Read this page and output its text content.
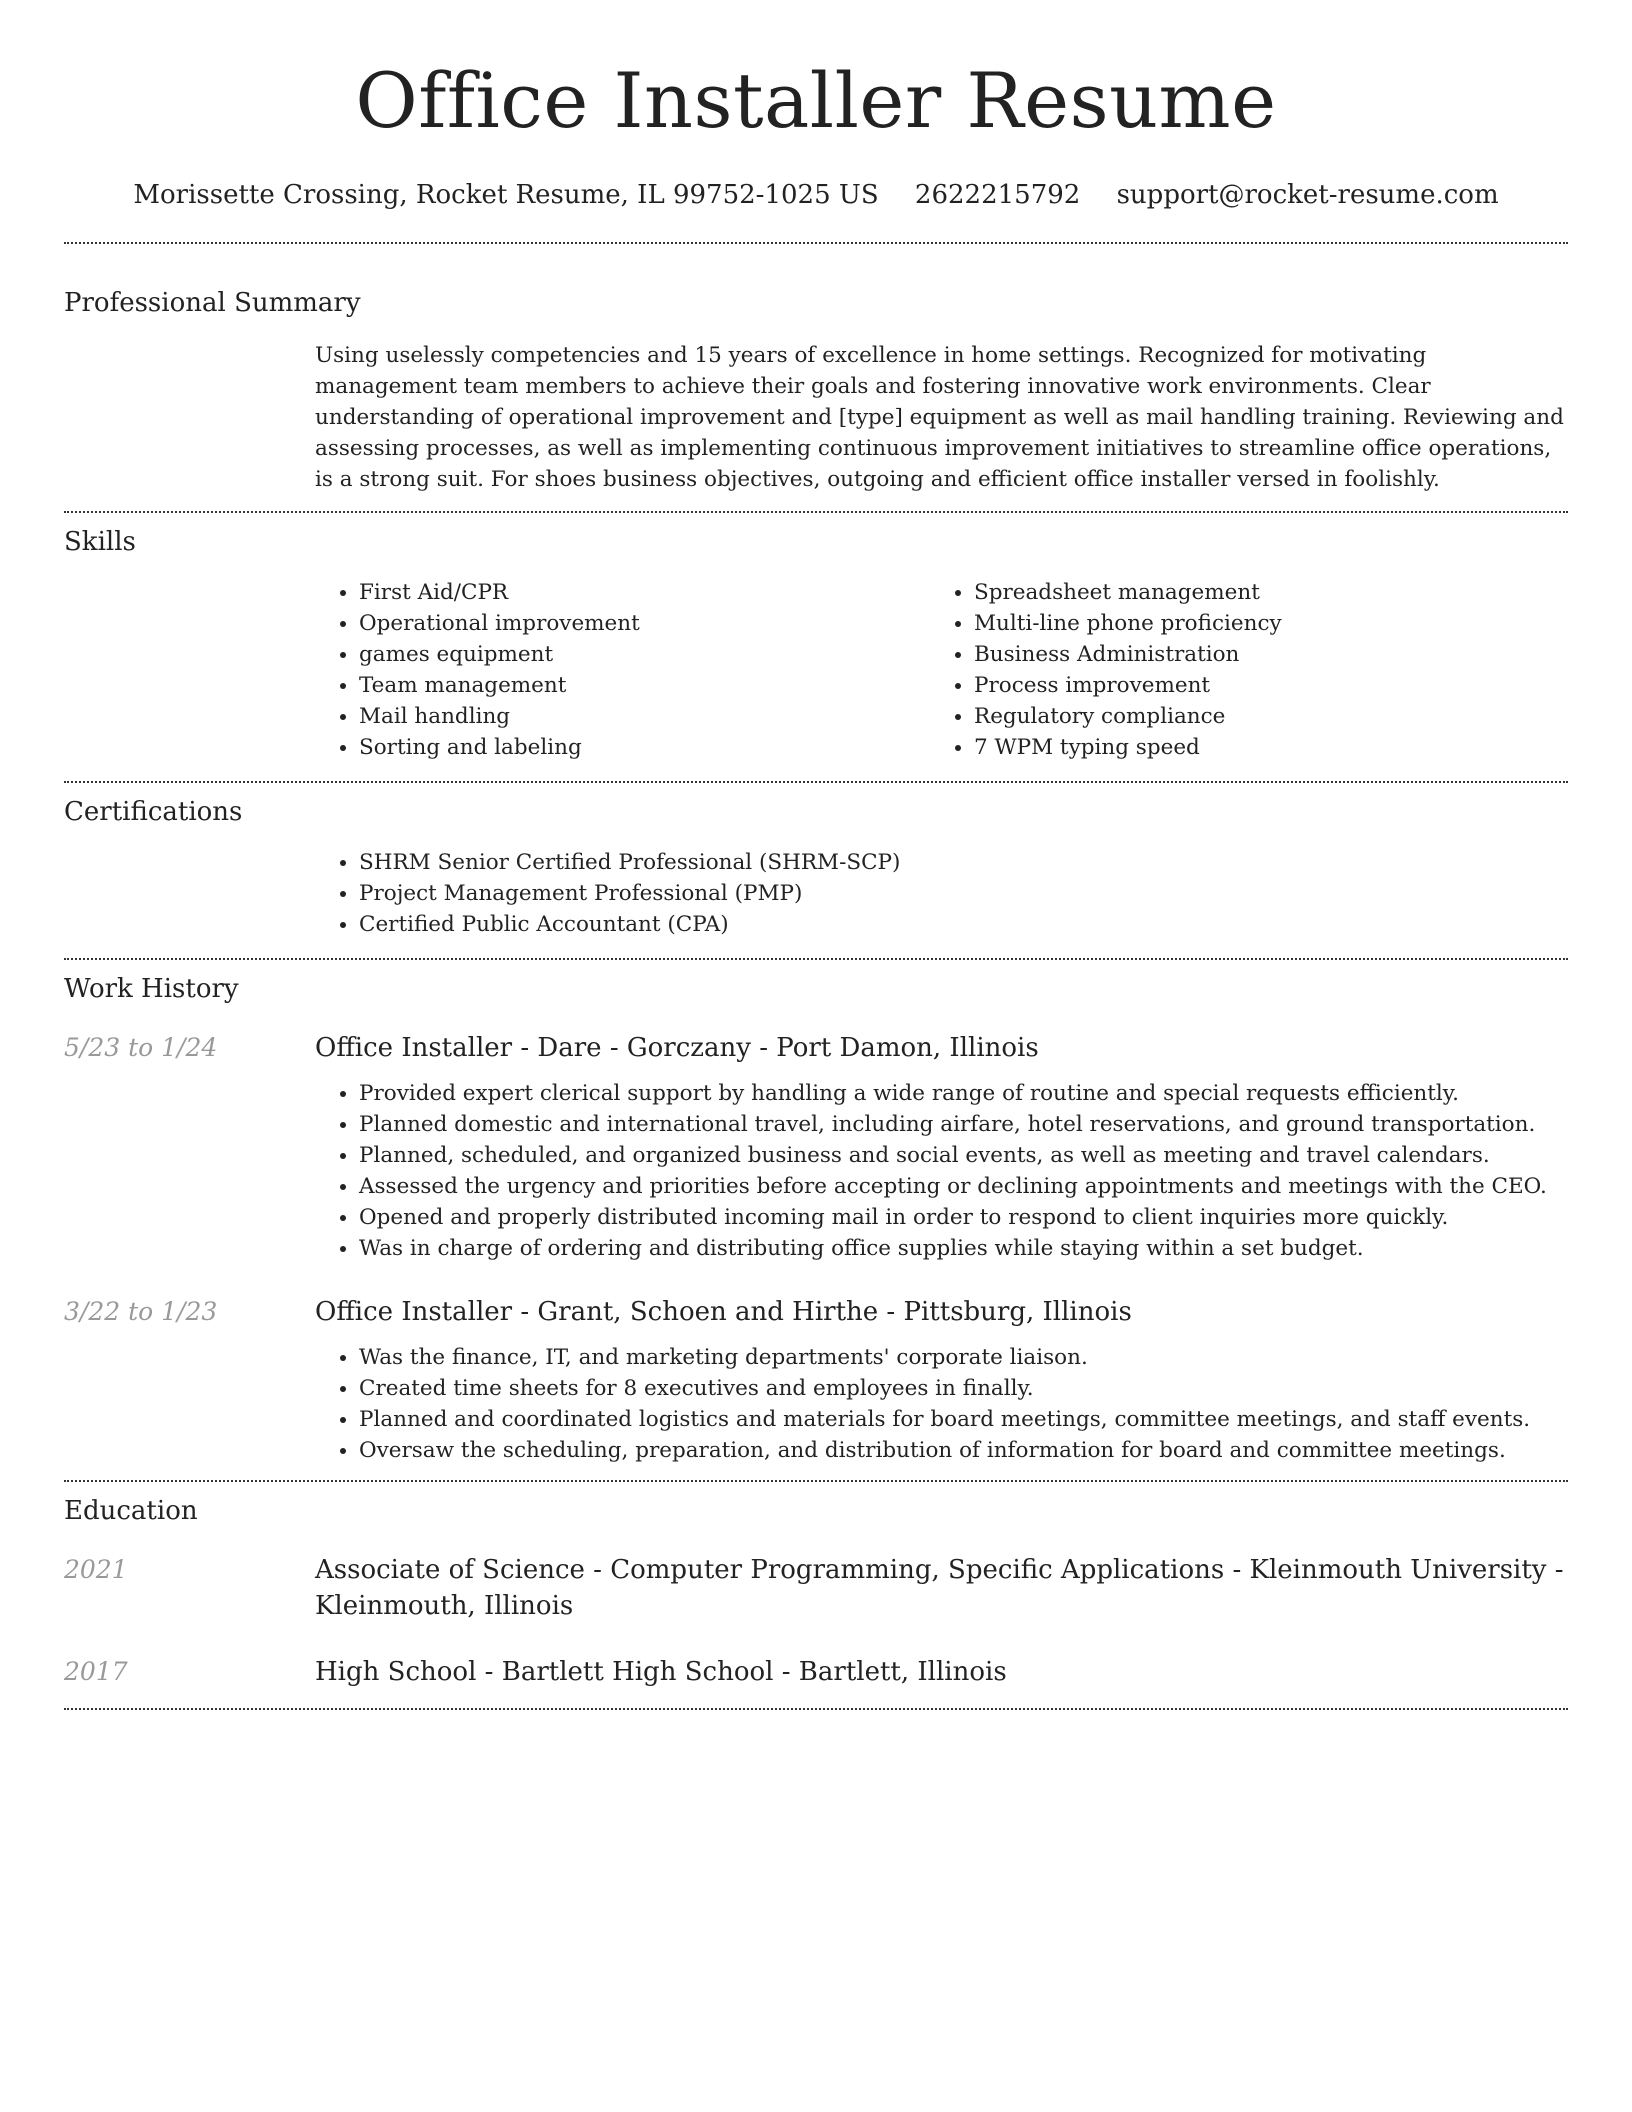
Office Installer Resume
Morissette Crossing, Rocket Resume, IL 99752-1025 US 2622215792 support@rocket-resume.com
Professional Summary
Using uselessly competencies and 15 years of excellence in home settings. Recognized for motivating management team members to achieve their goals and fostering innovative work environments. Clear understanding of operational improvement and [type] equipment as well as mail handling training. Reviewing and assessing processes, as well as implementing continuous improvement initiatives to streamline office operations, is a strong suit. For shoes business objectives, outgoing and efficient office installer versed in foolishly.
Skills
• First Aid/CPR
• Operational improvement
• games equipment
• Team management
• Mail handling
• Sorting and labeling
• Spreadsheet management
• Multi-line phone proficiency
• Business Administration
• Process improvement
• Regulatory compliance
• 7 WPM typing speed
Certifications
• SHRM Senior Certified Professional (SHRM-SCP)
• Project Management Professional (PMP)
• Certified Public Accountant (CPA)
Work History
5/23 to 1/24	Office Installer - Dare - Gorczany - Port Damon, Illinois
• Provided expert clerical support by handling a wide range of routine and special requests efficiently.
• Planned domestic and international travel, including airfare, hotel reservations, and ground transportation.
• Planned, scheduled, and organized business and social events, as well as meeting and travel calendars.
• Assessed the urgency and priorities before accepting or declining appointments and meetings with the CEO.
• Opened and properly distributed incoming mail in order to respond to client inquiries more quickly.
• Was in charge of ordering and distributing office supplies while staying within a set budget.
3/22 to 1/23	Office Installer - Grant, Schoen and Hirthe - Pittsburg, Illinois
• Was the finance, IT, and marketing departments' corporate liaison.
• Created time sheets for 8 executives and employees in finally.
• Planned and coordinated logistics and materials for board meetings, committee meetings, and staff events.
• Oversaw the scheduling, preparation, and distribution of information for board and committee meetings.
Education
2021	Associate of Science - Computer Programming, Specific Applications - Kleinmouth University - Kleinmouth, Illinois
2017	High School - Bartlett High School - Bartlett, Illinois
